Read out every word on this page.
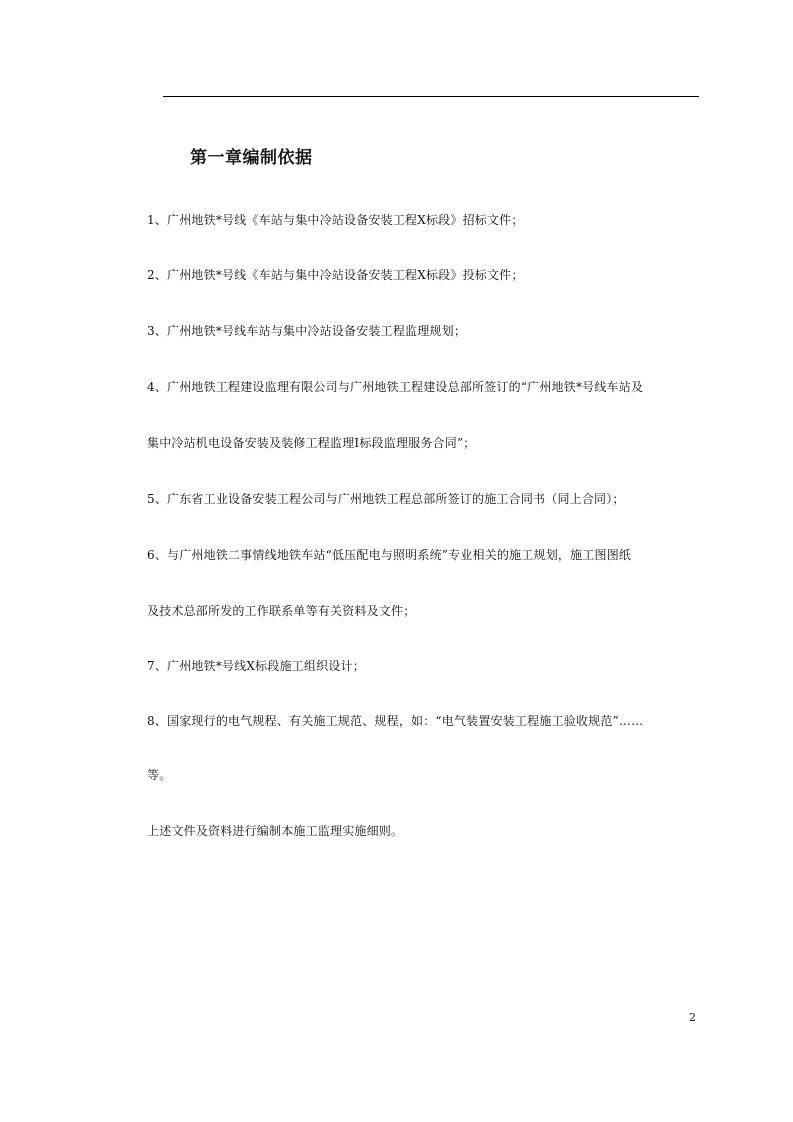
第一章编制依据
1、广州地铁*号线《车站与集中冷站设备安装工程X标段》招标文件；
2、广州地铁*号线《车站与集中冷站设备安装工程X标段》投标文件；
3、广州地铁*号线车站与集中冷站设备安装工程监理规划；
4、广州地铁工程建设监理有限公司与广州地铁工程建设总部所签订的“广州地铁*号线车站及
集中冷站机电设备安装及装修工程监理Ⅰ标段监理服务合同”；
5、广东省工业设备安装工程公司与广州地铁工程总部所签订的施工合同书（同上合同）；
6、与广州地铁二事情线地铁车站“低压配电与照明系统”专业相关的施工规划，施工图图纸
及技术总部所发的工作联系单等有关资料及文件；
7、广州地铁*号线X标段施工组织设计；
8、国家现行的电气规程、有关施工规范、规程，如：“电气装置安装工程施工验收规范”……
等。
上述文件及资料进行编制本施工监理实施细则。
2
